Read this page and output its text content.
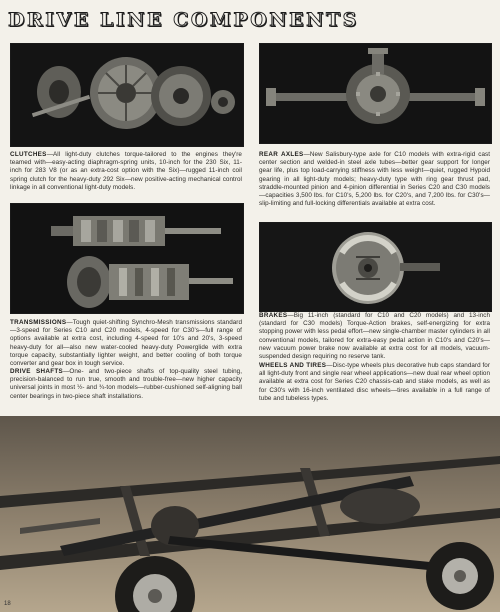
DRIVE LINE COMPONENTS
CLUTCHES—All light-duty clutches torque-tailored to the engines they're teamed with—easy-acting diaphragm-spring units, 10-inch for the 230 Six, 11-inch for 283 V8 (or as an extra-cost option with the Six)—rugged 11-inch coil spring clutch for the heavy-duty 292 Six—new positive-acting mechanical control linkage in all conventional light-duty models.
REAR AXLES—New Salisbury-type axle for C10 models with extra-rigid cast center section and welded-in steel axle tubes—better gear support for longer gear life, plus top load-carrying stiffness with less weight—quiet, rugged Hypoid gearing in all light-duty models; heavy-duty type with ring gear thrust pad, straddle-mounted pinion and 4-pinion differential in Series C20 and C30 models—capacities 3,500 lbs. for C10's, 5,200 lbs. for C20's, and 7,200 lbs. for C30's—slip-limiting and full-locking differentials available at extra cost.
TRANSMISSIONS—Tough quiet-shifting Synchro-Mesh transmissions standard—3-speed for Series C10 and C20 models, 4-speed for C30's—full range of options available at extra cost, including 4-speed for 10's and 20's, 3-speed heavy-duty for all—also new water-cooled heavy-duty Powerglide with extra torque capacity, substantially lighter weight, and better cooling of both torque converter and gear box in tough service.
DRIVE SHAFTS—One- and two-piece shafts of top-quality steel tubing, precision-balanced to run true, smooth and trouble-free—new higher capacity universal joints in most ½- and ¾-ton models—rubber-cushioned self-aligning ball center bearings in two-piece shaft installations.
BRAKES—Big 11-inch (standard for C10 and C20 models) and 13-inch (standard for C30 models) Torque-Action brakes, self-energizing for extra stopping power with less pedal effort—new single-chamber master cylinders in all conventional models, tailored for extra-easy pedal action in C10's and C20's—new vacuum power brake now available at extra cost for all models, vacuum-suspended design requiring no reserve tank.
WHEELS AND TIRES—Disc-type wheels plus decorative hub caps standard for all light-duty front and single rear wheel applications—new dual rear wheel option available at extra cost for Series C20 chassis-cab and stake models, as well as for C30's with 16-inch ventilated disc wheels—tires available in a full range of tube and tubeless types.
18
